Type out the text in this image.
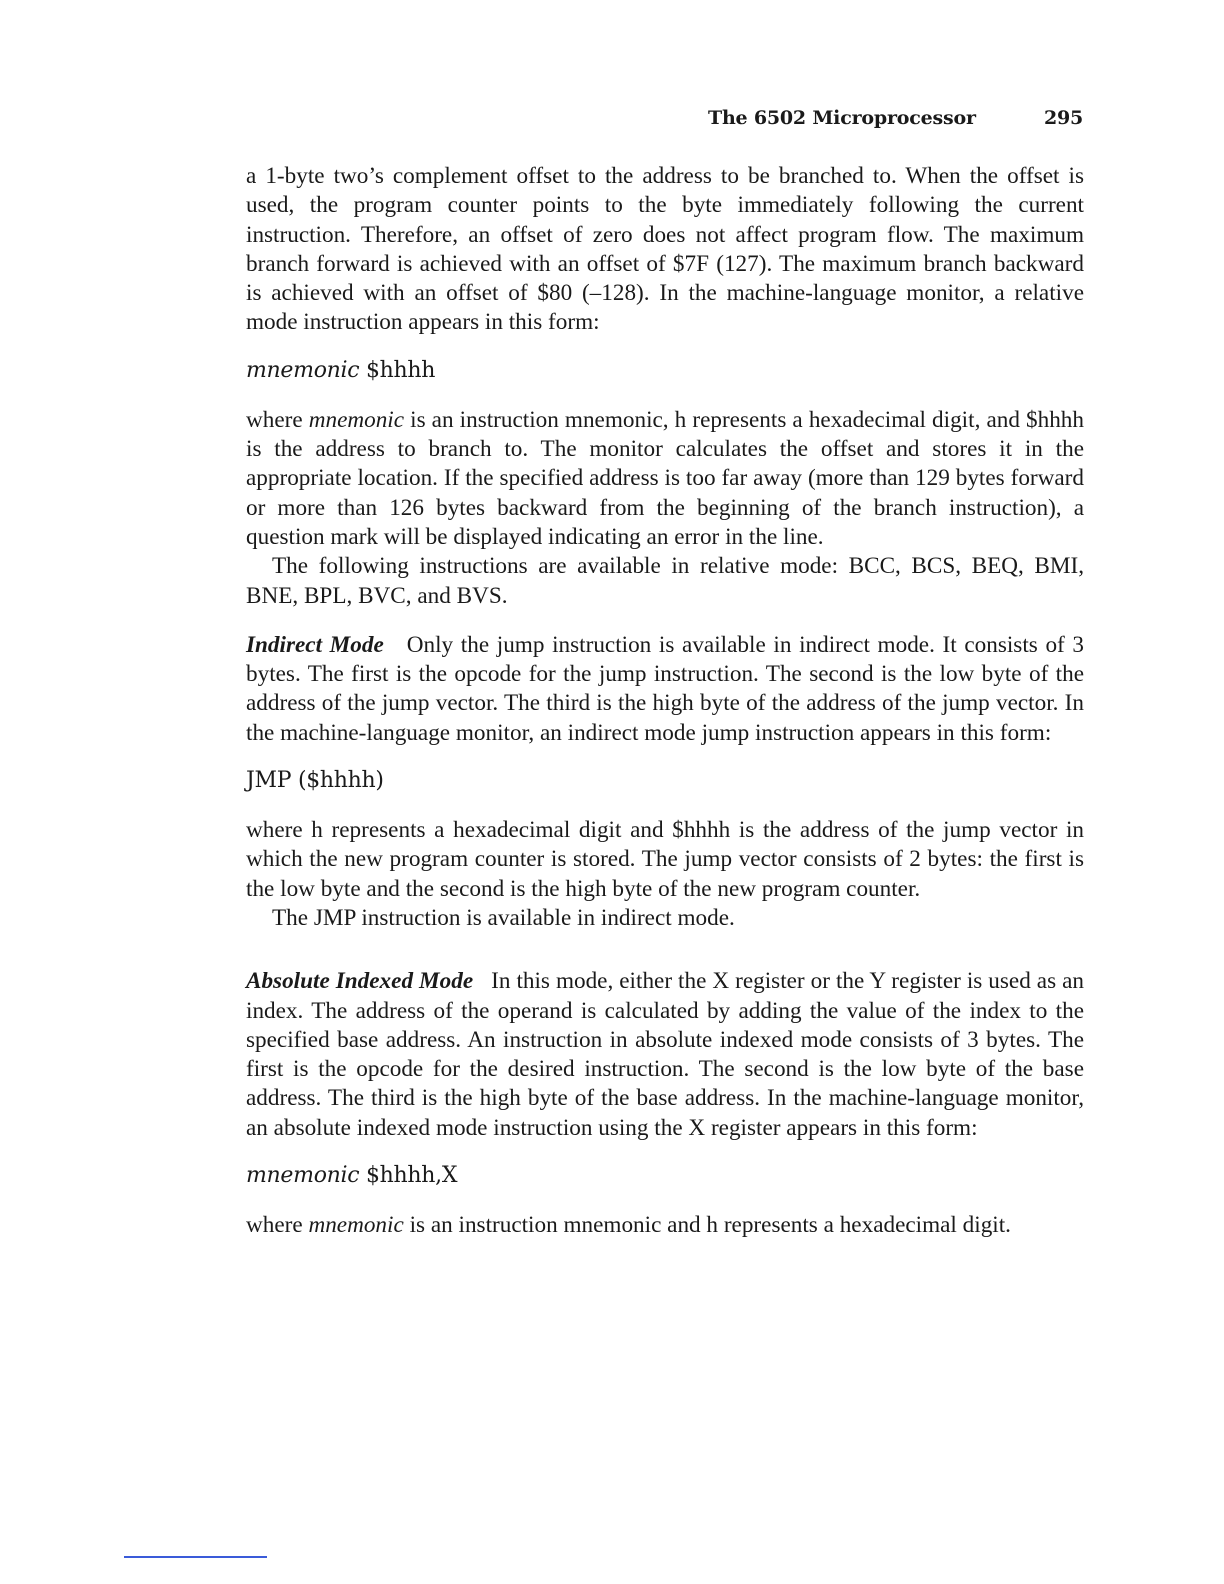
The 6502 Microprocessor	295

a 1-byte two’s complement offset to the address to be branched to. When the offset is used, the program counter points to the byte immediately following the current instruction. Therefore, an offset of zero does not affect program flow. The maximum branch forward is achieved with an offset of $7F (127). The maximum branch backward is achieved with an offset of $80 (–128). In the machine-language monitor, a relative mode instruction appears in this form:

mnemonic $hhhh

where mnemonic is an instruction mnemonic, h represents a hexadecimal digit, and $hhhh is the address to branch to. The monitor calculates the offset and stores it in the appropriate location. If the specified address is too far away (more than 129 bytes forward or more than 126 bytes backward from the beginning of the branch instruction), a question mark will be displayed indicating an error in the line.

The following instructions are available in relative mode: BCC, BCS, BEQ, BMI, BNE, BPL, BVC, and BVS.

Indirect Mode Only the jump instruction is available in indirect mode. It consists of 3 bytes. The first is the opcode for the jump instruction. The second is the low byte of the address of the jump vector. The third is the high byte of the address of the jump vector. In the machine-language monitor, an indirect mode jump instruction appears in this form:

JMP ($hhhh)

where h represents a hexadecimal digit and $hhhh is the address of the jump vector in which the new program counter is stored. The jump vector consists of 2 bytes: the first is the low byte and the second is the high byte of the new program counter.

The JMP instruction is available in indirect mode.

Absolute Indexed Mode In this mode, either the X register or the Y register is used as an index. The address of the operand is calculated by adding the value of the index to the specified base address. An instruction in absolute indexed mode consists of 3 bytes. The first is the opcode for the desired instruction. The second is the low byte of the base address. The third is the high byte of the base address. In the machine-language monitor, an absolute indexed mode instruction using the X register appears in this form:

mnemonic $hhhh,X

where mnemonic is an instruction mnemonic and h represents a hexadecimal digit.
